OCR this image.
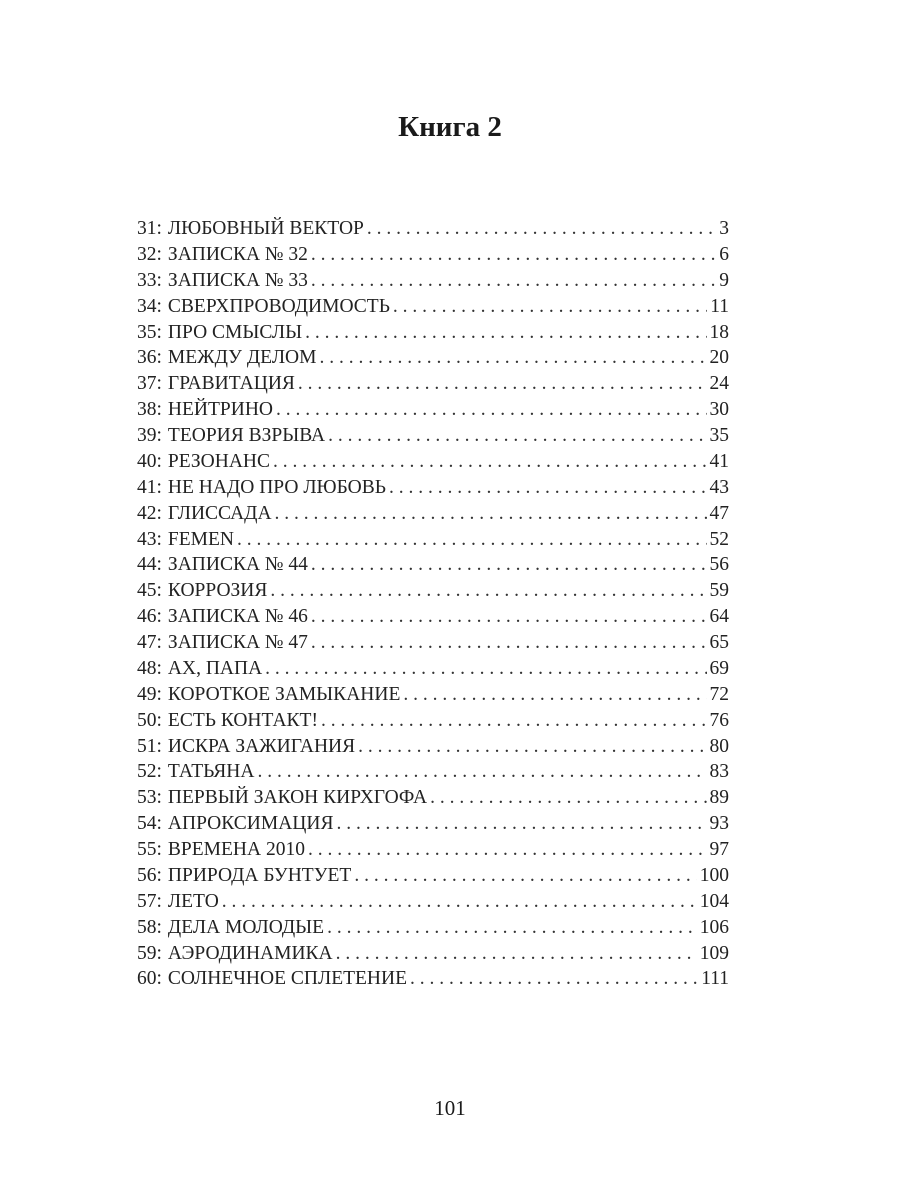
Книга 2
31: ЛЮБОВНЫЙ ВЕКТОР . . .	3
32: ЗАПИСКА № 32 . . .	6
33: ЗАПИСКА № 33 . . .	9
34: СВЕРХПРОВОДИМОСТЬ . . .	11
35: ПРО СМЫСЛЫ . . .	18
36: МЕЖДУ ДЕЛОМ . . .	20
37: ГРАВИТАЦИЯ . . .	24
38: НЕЙТРИНО . . .	30
39: ТЕОРИЯ ВЗРЫВА . . .	35
40: РЕЗОНАНС . . .	41
41: НЕ НАДО ПРО ЛЮБОВЬ . . .	43
42: ГЛИССАДА . . .	47
43: FEMEN . . .	52
44: ЗАПИСКА № 44 . . .	56
45: КОРРОЗИЯ . . .	59
46: ЗАПИСКА № 46 . . .	64
47: ЗАПИСКА № 47 . . .	65
48: АХ, ПАПА . . .	69
49: КОРОТКОЕ ЗАМЫКАНИЕ . . .	72
50: ЕСТЬ КОНТАКТ! . . .	76
51: ИСКРА ЗАЖИГАНИЯ . . .	80
52: ТАТЬЯНА . . .	83
53: ПЕРВЫЙ ЗАКОН КИРХГОФА . . .	89
54: АПРОКСИМАЦИЯ . . .	93
55: ВРЕМЕНА 2010 . . .	97
56: ПРИРОДА БУНТУЕТ . . .	100
57: ЛЕТО . . .	104
58: ДЕЛА МОЛОДЫЕ . . .	106
59: АЭРОДИНАМИКА . . .	109
60: СОЛНЕЧНОЕ СПЛЕТЕНИЕ . . .	111
101
